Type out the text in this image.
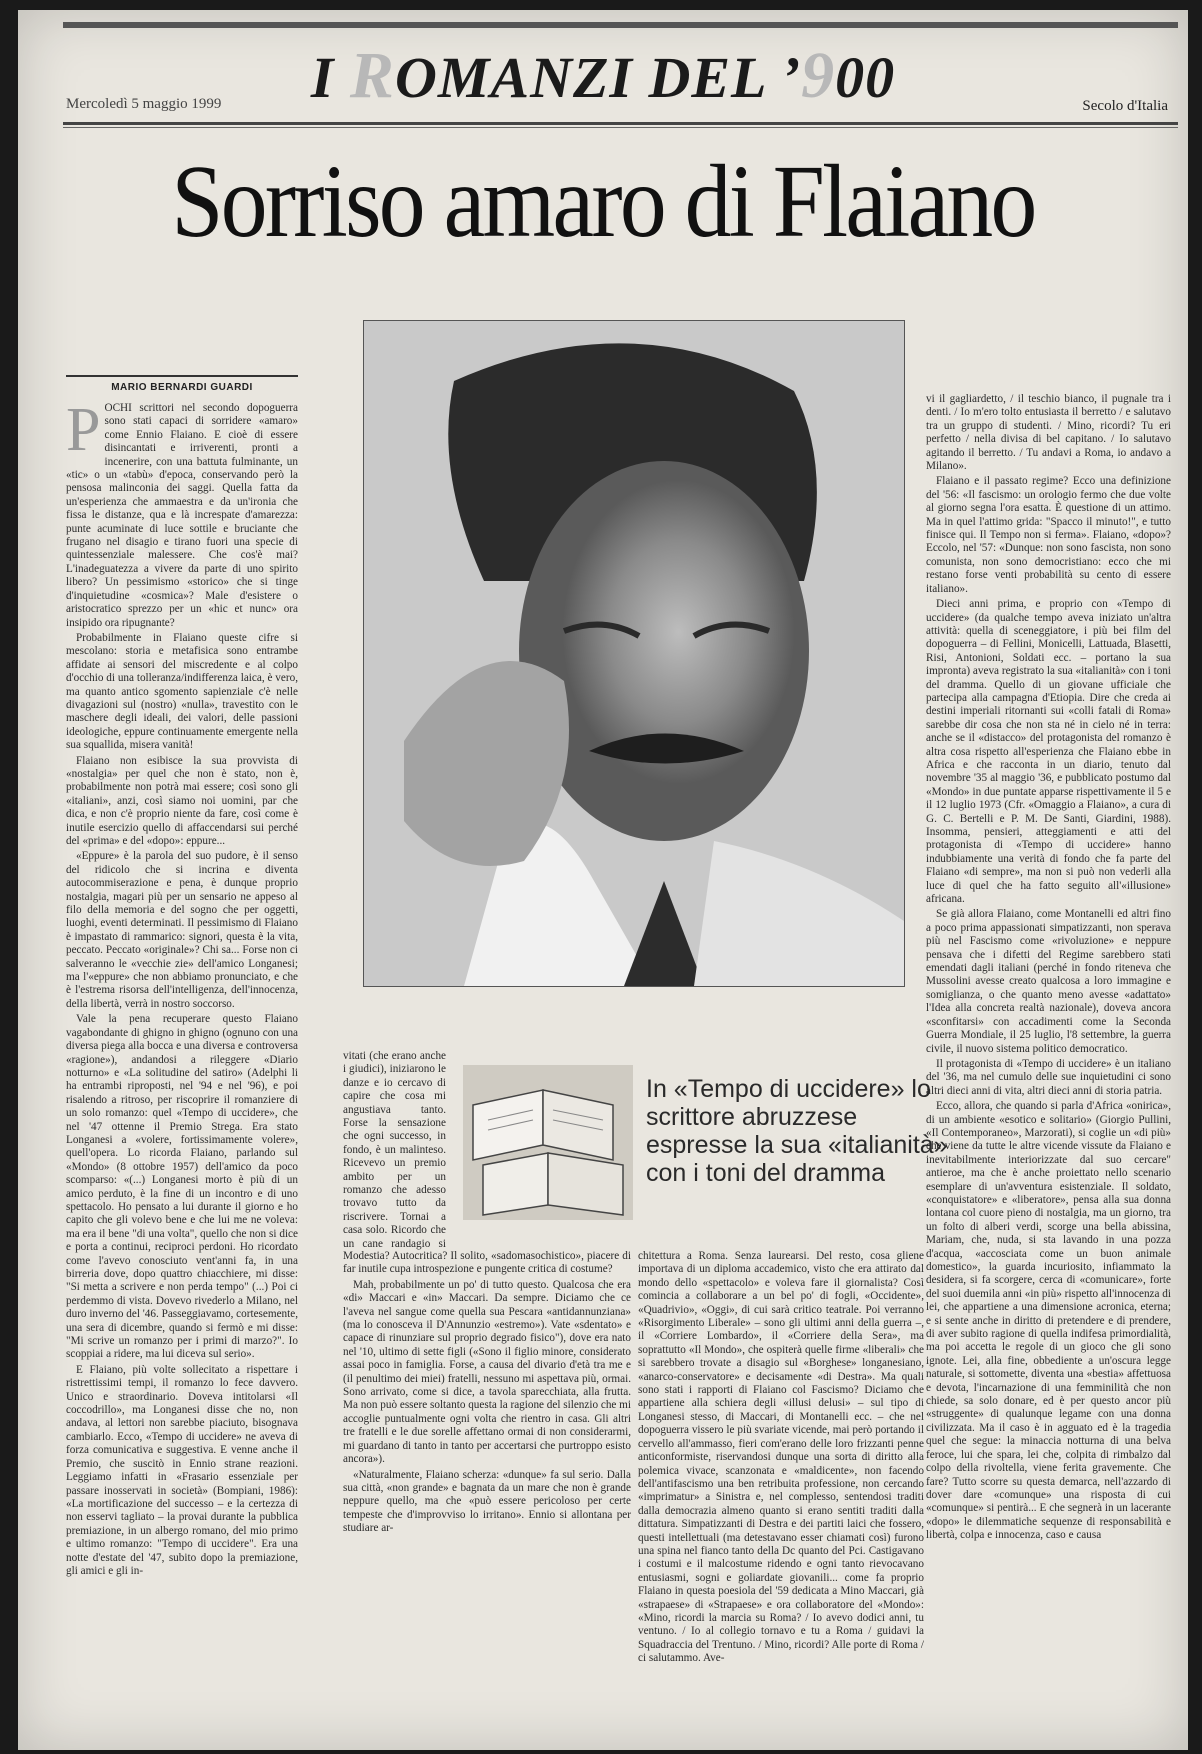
I ROMANZI DEL ’900
Mercoledì 5 maggio 1999	Secolo d'Italia
Sorriso amaro di Flaiano
MARIO BERNARDI GUARDI

POCHI scrittori nel secondo dopoguerra sono stati capaci di sorridere «amaro» come Ennio Flaiano. E cioè di essere disincantati e irriverenti, pronti a incenerire, con una battuta fulminante, un «tic» o un «tabù» d'epoca, conservando però la pensosa malinconia dei saggi. Quella fatta da un'esperienza che ammaestra e da un'ironia che fissa le distanze, qua e là increspate d'amarezza: punte acuminate di luce sottile e bruciante che frugano nel disagio e tirano fuori una specie di quintessenziale malessere. Che cos'è mai? L'inadeguatezza a vivere da parte di uno spirito libero? Un pessimismo «storico» che si tinge d'inquietudine «cosmica»? Male d'esistere o aristocratico sprezzo per un «hic et nunc» ora insipido ora ripugnante?

Probabilmente in Flaiano queste cifre si mescolano: storia e metafisica sono entrambe affidate ai sensori del miscredente e al colpo d'occhio di una tolleranza/indifferenza laica, è vero, ma quanto antico sgomento sapienziale c'è nelle divagazioni sul (nostro) «nulla», travestito con le maschere degli ideali, dei valori, delle passioni ideologiche, eppure continuamente emergente nella sua squallida, misera vanità!

Flaiano non esibisce la sua provvista di «nostalgia» per quel che non è stato, non è, probabilmente non potrà mai essere; così sono gli «italiani», anzi, così siamo noi uomini, par che dica, e non c'è proprio niente da fare, così come è inutile esercizio quello di affaccendarsi sui perché del «prima» e del «dopo»: eppure...

«Eppure» è la parola del suo pudore, è il senso del ridicolo che si incrina e diventa autocommiserazione e pena, è dunque proprio nostalgia, magari più per un sensario ne appeso al filo della memoria e del sogno che per oggetti, luoghi, eventi determinati. Il pessimismo di Flaiano è impastato di rammarico: signori, questa è la vita, peccato. Peccato «originale»? Chi sa... Forse non ci salveranno le «vecchie zie» dell'amico Longanesi; ma l'«eppure» che non abbiamo pronunciato, e che è l'estrema risorsa dell'intelligenza, dell'innocenza, della libertà, verrà in nostro soccorso.

Vale la pena recuperare questo Flaiano vagabondante di ghigno in ghigno (ognuno con una diversa piega alla bocca e una diversa e controversa «ragione»), andandosi a rileggere «Diario notturno» e «La solitudine del satiro» (Adelphi li ha entrambi riproposti, nel '94 e nel '96), e poi risalendo a ritroso, per riscoprire il romanziere di un solo romanzo: quel «Tempo di uccidere», che nel '47 ottenne il Premio Strega. Era stato Longanesi a «volere, fortissimamente volere», quell'opera. Lo ricorda Flaiano, parlando sul «Mondo» (8 ottobre 1957) dell'amico da poco scomparso: «(...) Longanesi morto è più di un amico perduto, è la fine di un incontro e di uno spettacolo. Ho pensato a lui durante il giorno e ho capito che gli volevo bene e che lui me ne voleva: ma era il bene "di una volta", quello che non si dice e porta a continui, reciproci perdoni. Ho ricordato come l'avevo conosciuto vent'anni fa, in una birreria dove, dopo quattro chiacchiere, mi disse: "Si metta a scrivere e non perda tempo" (...) Poi ci perdemmo di vista. Dovevo rivederlo a Milano, nel duro inverno del '46. Passeggiavamo, cortesemente, una sera di dicembre, quando si fermò e mi disse: "Mi scrive un romanzo per i primi di marzo?". Io scoppiai a ridere, ma lui diceva sul serio».

E Flaiano, più volte sollecitato a rispettare i ristrettissimi tempi, il romanzo lo fece davvero. Unico e straordinario. Doveva intitolarsi «Il coccodrillo», ma Longanesi disse che no, non andava, al lettori non sarebbe piaciuto, bisognava cambiarlo. Ecco, «Tempo di uccidere» ne aveva di forza comunicativa e suggestiva. E venne anche il Premio, che suscitò in Ennio strane reazioni. Leggiamo infatti in «Frasario essenziale per passare inosservati in società» (Bompiani, 1986): «La mortificazione del successo – e la certezza di non esservi tagliato – la provai durante la pubblica premiazione, in un albergo romano, del mio primo e ultimo romanzo: "Tempo di uccidere". Era una notte d'estate del '47, subito dopo la premiazione, gli amici e gli in-

vitati (che erano anche i giudici), iniziarono le danze e io cercavo di capire che cosa mi angustiava tanto. Forse la sensazione che ogni successo, in fondo, è un malinteso. Ricevevo un premio ambito per un romanzo che adesso trovavo tutto da riscrivere. Tornai a casa solo. Ricordo che un cane randagio si

Modestia? Autocritica? Il solito, «sadomasochistico», piacere di far inutile cupa introspezione e pungente critica di costume?

Mah, probabilmente un po' di tutto questo. Qualcosa che era «di» Maccari e «in» Maccari. Da sempre. Diciamo che ce l'aveva nel sangue come quella sua Pescara «antidannunziana» (ma lo conosceva il D'Annunzio «estremo»). Vate «sdentato» e capace di rinunziare sul proprio degrado fisico"), dove era nato nel '10, ultimo di sette figli («Sono il figlio minore, considerato assai poco in famiglia. Forse, a causa del divario d'età tra me e (il penultimo dei miei) fratelli, nessuno mi aspettava più, ormai. Sono arrivato, come si dice, a tavola sparecchiata, alla frutta. Ma non può essere soltanto questa la ragione del silenzio che mi accoglie puntualmente ogni volta che rientro in casa. Gli altri tre fratelli e le due sorelle affettano ormai di non considerarmi, mi guardano di tanto in tanto per accertarsi che purtroppo esisto ancora»).

«Naturalmente, Flaiano scherza: «dunque» fa sul serio. Dalla sua città, «non grande» e bagnata da un mare che non è grande neppure quello, ma che «può essere pericoloso per certe tempeste che d'improvviso lo irritano». Ennio si allontana per studiare ar-

In «Tempo di uccidere» lo scrittore abruzzese espresse la sua «italianità» con i toni del dramma

chitettura a Roma. Senza laurearsi. Del resto, cosa gliene importava di un diploma accademico, visto che era attirato dal mondo dello «spettacolo» e voleva fare il giornalista? Così comincia a collaborare a un bel po' di fogli, «Occidente», «Quadrivio», «Oggi», di cui sarà critico teatrale. Poi verranno «Risorgimento Liberale» – sono gli ultimi anni della guerra –, il «Corriere Lombardo», il «Corriere della Sera», ma soprattutto «Il Mondo», che ospiterà quelle firme «liberali» che si sarebbero trovate a disagio sul «Borghese» longanesiano, «anarco-conservatore» e decisamente «di Destra». Ma quali sono stati i rapporti di Flaiano col Fascismo? Diciamo che appartiene alla schiera degli «illusi delusi» – sul tipo di Longanesi stesso, di Maccari, di Montanelli ecc. – che nel dopoguerra vissero le più svariate vicende, mai però portando il cervello all'ammasso, fieri com'erano delle loro frizzanti penne anticonformiste, riservandosi dunque una sorta di diritto alla polemica vivace, scanzonata e «maldicente», non facendo dell'antifascismo una ben retribuita professione, non cercando «imprimatur» a Sinistra e, nel complesso, sentendosi traditi dalla democrazia almeno quanto si erano sentiti traditi dalla dittatura. Simpatizzanti di Destra e dei partiti laici che fossero, questi intellettuali (ma detestavano esser chiamati così) furono una spina nel fianco tanto della Dc quanto del Pci. Castigavano i costumi e il malcostume ridendo e ogni tanto rievocavano entusiasmi, sogni e goliardate giovanili... come fa proprio Flaiano in questa poesiola del '59 dedicata a Mino Maccari, già «strapaese» di «Strapaese» e ora collaboratore del «Mondo»: «Mino, ricordi la marcia su Roma? / Io avevo dodici anni, tu ventuno. / Io al collegio tornavo e tu a Roma / guidavi la Squadraccia del Trentuno. / Mino, ricordi? Alle porte di Roma / ci salutammo. Ave-

vi il gagliardetto, / il teschio bianco, il pugnale tra i denti. / Io m'ero tolto entusiasta il berretto / e salutavo tra un gruppo di studenti. / Mino, ricordi? Tu eri perfetto / nella divisa di bel capitano. / Io salutavo agitando il berretto. / Tu andavi a Roma, io andavo a Milano».

Flaiano e il passato regime? Ecco una definizione del '56: «Il fascismo: un orologio fermo che due volte al giorno segna l'ora esatta. È questione di un attimo. Ma in quel l'attimo grida: "Spacco il minuto!", e tutto finisce qui. Il Tempo non si ferma». Flaiano, «dopo»? Eccolo, nel '57: «Dunque: non sono fascista, non sono comunista, non sono democristiano: ecco che mi restano forse venti probabilità su cento di essere italiano».

Dieci anni prima, e proprio con «Tempo di uccidere» (da qualche tempo aveva iniziato un'altra attività: quella di sceneggiatore, i più bei film del dopoguerra – di Fellini, Monicelli, Lattuada, Blasetti, Risi, Antonioni, Soldati ecc. – portano la sua impronta) aveva registrato la sua «italianità» con i toni del dramma. Quello di un giovane ufficiale che partecipa alla campagna d'Etiopia. Dire che creda ai destini imperiali ritornanti sui «colli fatali di Roma» sarebbe dir cosa che non sta né in cielo né in terra: anche se il «distacco» del protagonista del romanzo è altra cosa rispetto all'esperienza che Flaiano ebbe in Africa e che racconta in un diario, tenuto dal novembre '35 al maggio '36, e pubblicato postumo dal «Mondo» in due puntate apparse rispettivamente il 5 e il 12 luglio 1973 (Cfr. «Omaggio a Flaiano», a cura di G. C. Bertelli e P. M. De Santi, Giardini, 1988). Insomma, pensieri, atteggiamenti e atti del protagonista di «Tempo di uccidere» hanno indubbiamente una verità di fondo che fa parte del Flaiano «di sempre», ma non si può non vederli alla luce di quel che ha fatto seguito all'«illusione» africana.

Se già allora Flaiano, come Montanelli ed altri fino a poco prima appassionati simpatizzanti, non sperava più nel Fascismo come «rivoluzione» e neppure pensava che i difetti del Regime sarebbero stati emendati dagli italiani (perché in fondo riteneva che Mussolini avesse creato qualcosa a loro immagine e somiglianza, o che quanto meno avesse «adattato» l'Idea alla concreta realtà nazionale), doveva ancora «sconfitarsi» con accadimenti come la Seconda Guerra Mondiale, il 25 luglio, l'8 settembre, la guerra civile, il nuovo sistema politico democratico.

Il protagonista di «Tempo di uccidere» è un italiano del '36, ma nel cumulo delle sue inquietudini ci sono altri dieci anni di vita, altri dieci anni di storia patria.

Ecco, allora, che quando si parla d'Africa «onirica», di un ambiente «esotico e solitario» (Giorgio Pullini, «Il Contemporaneo», Marzorati), si coglie un «di più» che viene da tutte le altre vicende vissute da Flaiano e inevitabilmente interiorizzate dal suo cercare" antieroe, ma che è anche proiettato nello scenario esemplare di un'avventura esistenziale. Il soldato, «conquistatore» e «liberatore», pensa alla sua donna lontana col cuore pieno di nostalgia, ma un giorno, tra un folto di alberi verdi, scorge una bella abissina, Mariam, che, nuda, si sta lavando in una pozza d'acqua, «accosciata come un buon animale domestico», la guarda incuriosito, infiammato la desidera, si fa scorgere, cerca di «comunicare», forte del suoi duemila anni «in più» rispetto all'innocenza di lei, che appartiene a una dimensione acronica, eterna; e si sente anche in diritto di pretendere e di prendere, di aver subito ragione di quella indifesa primordialità, ma poi accetta le regole di un gioco che gli sono ignote. Lei, alla fine, obbediente a un'oscura legge naturale, si sottomette, diventa una «bestia» affettuosa e devota, l'incarnazione di una femminilità che non chiede, sa solo donare, ed è per questo ancor più «struggente» di qualunque legame con una donna civilizzata. Ma il caso è in agguato ed è la tragedia quel che segue: la minaccia notturna di una belva feroce, lui che spara, lei che, colpita di rimbalzo dal colpo della rivoltella, viene ferita gravemente. Che fare? Tutto scorre su questa demarca, nell'azzardo di dover dare «comunque» una risposta di cui «comunque» si pentirà... E che segnerà in un lacerante «dopo» le dilemmatiche sequenze di responsabilità e libertà, colpa e innocenza, caso e causa
